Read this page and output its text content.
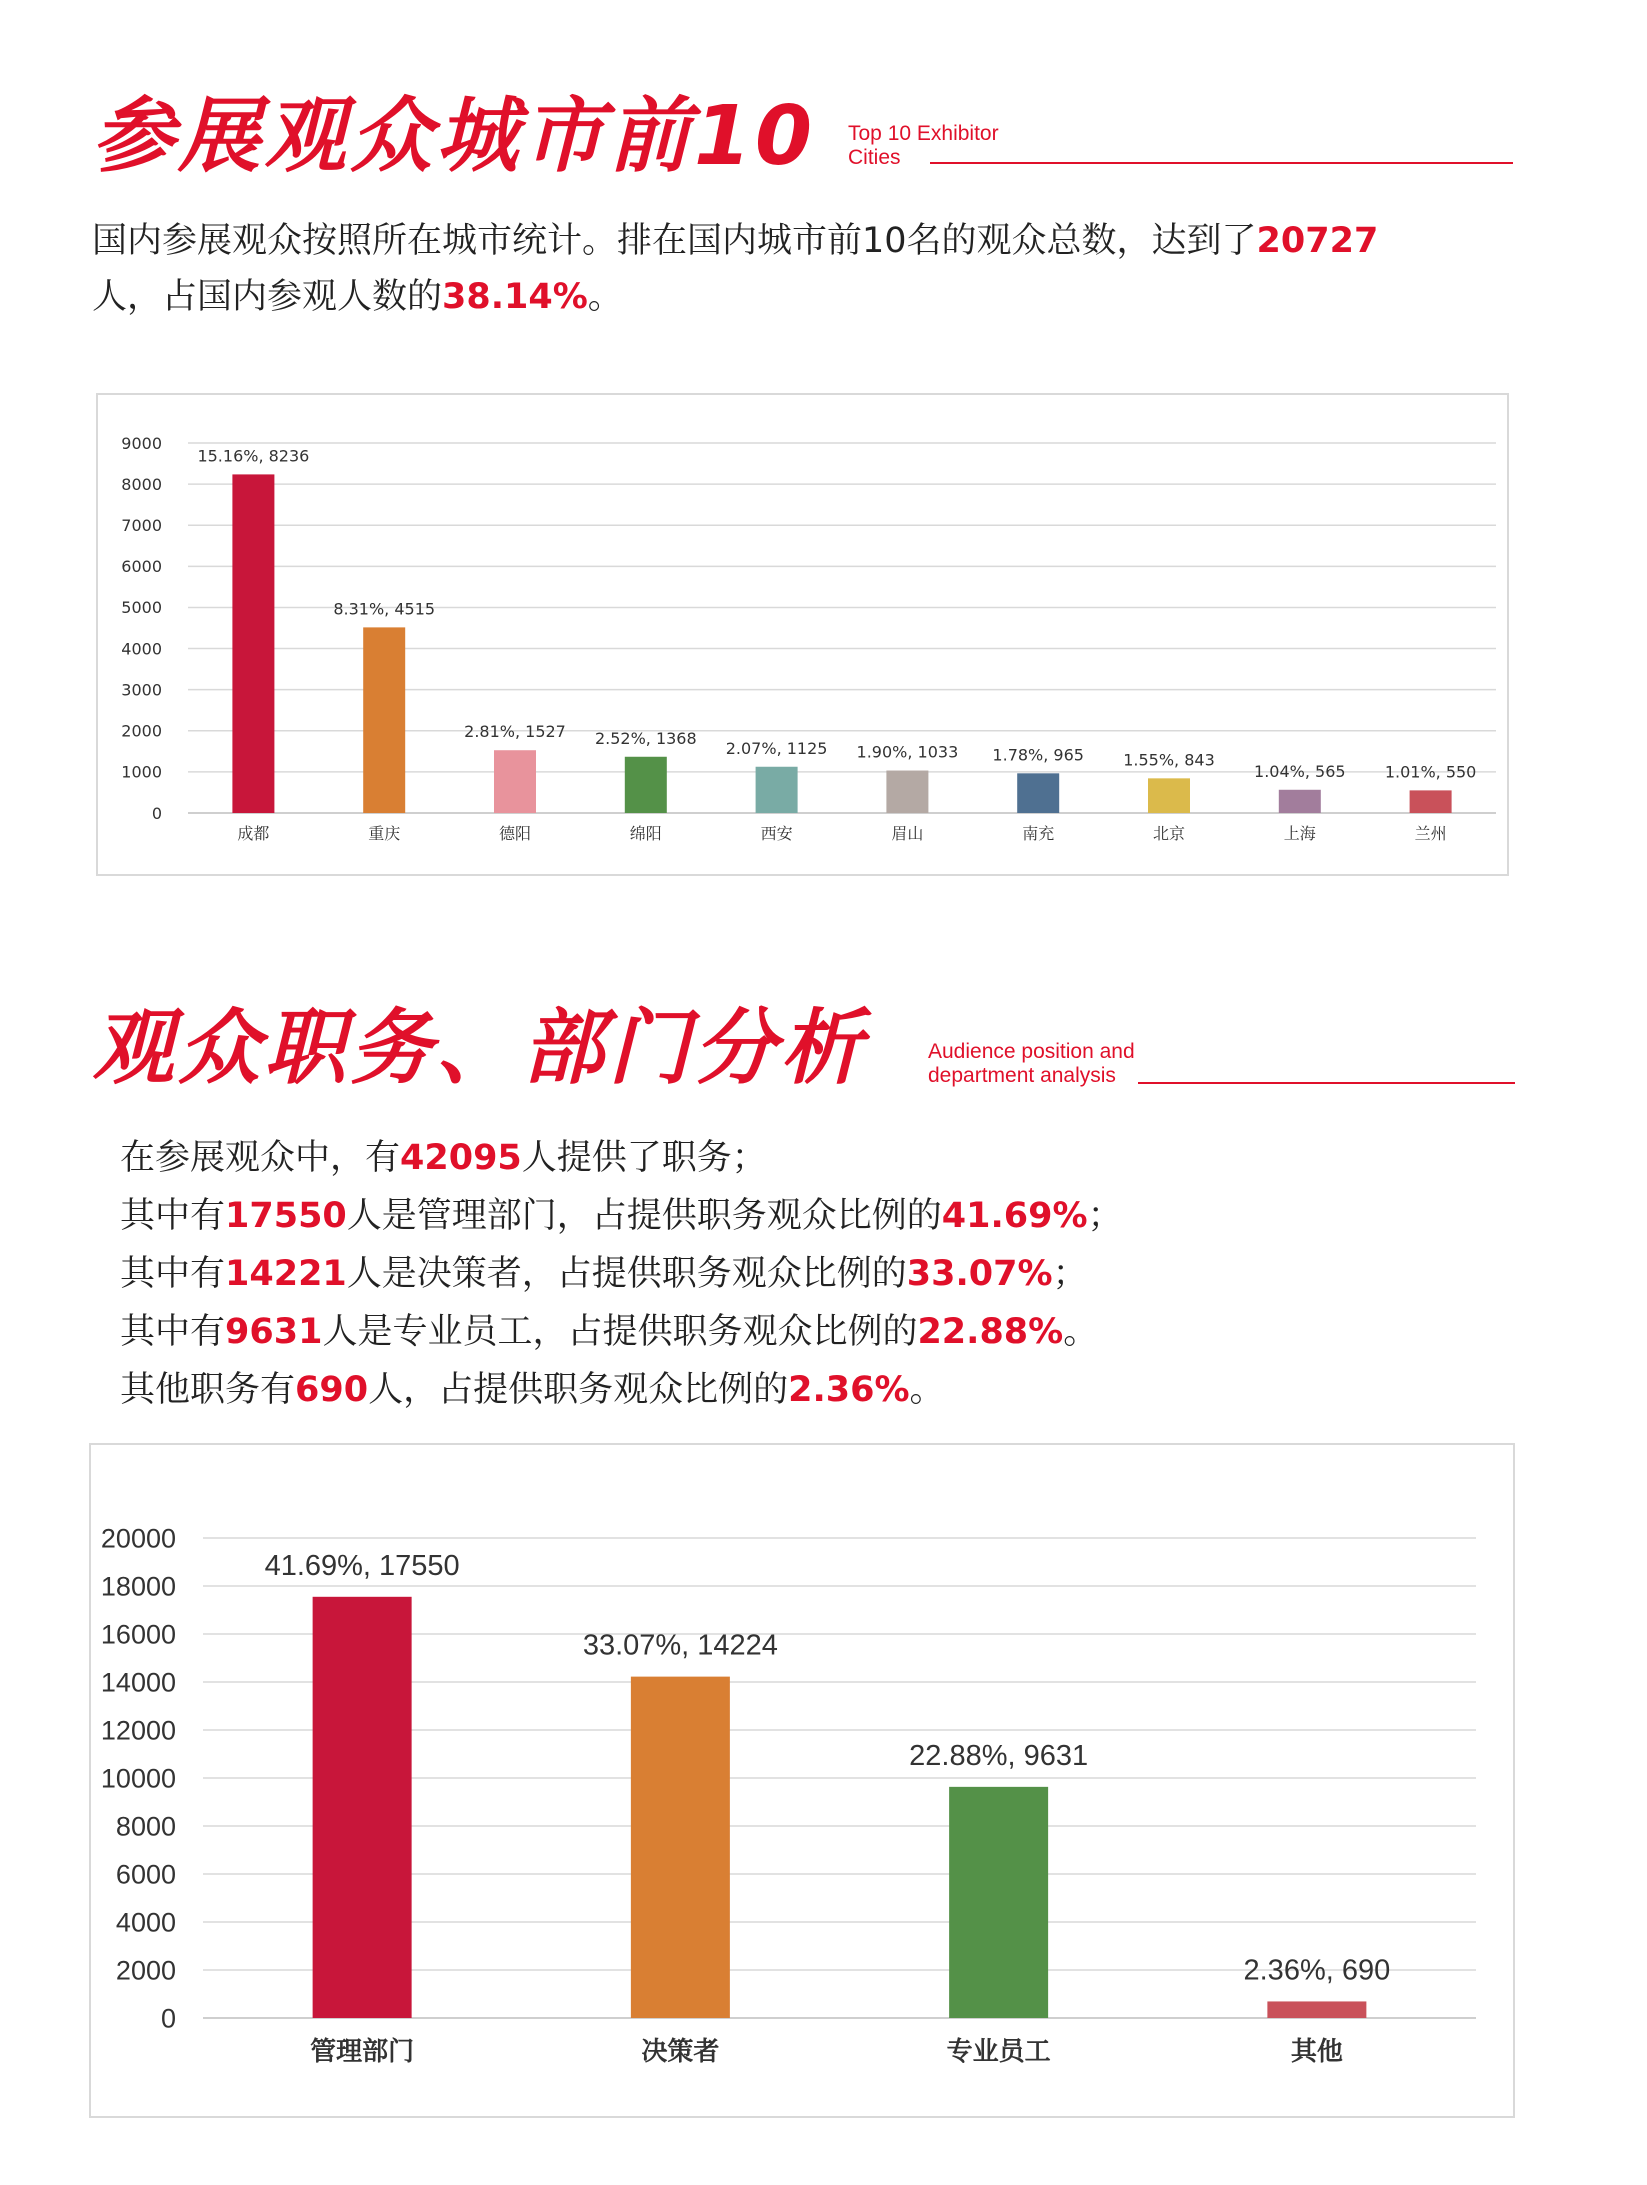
参展观众城市前10 Top 10 Exhibitor
Cities

国内参展观众按照所在城市统计。排在国内城市前10名的观众总数，达到了20727

人，占国内参观人数的38.14%。

0
1000
2000
3000
4000
5000
6000
7000
8000
9000
15.16%, 8236
成都
8.31%, 4515
重庆
2.81%, 1527
德阳
2.52%, 1368
绵阳
2.07%, 1125
西安
1.90%, 1033
眉山
1.78%, 965
南充
1.55%, 843
北京
1.04%, 565
上海
1.01%, 550
兰州
观众职务、部门分析	Audience position and
department analysis

在参展观众中，有42095人提供了职务；

其中有17550人是管理部门，占提供职务观众比例的41.69%；

其中有14221人是决策者，占提供职务观众比例的33.07%；

其中有9631人是专业员工，占提供职务观众比例的22.88%。

其他职务有690人，占提供职务观众比例的2.36%。

0
2000
4000
6000
8000
10000
12000
14000
16000
18000
20000
41.69%, 17550
管理部门
33.07%, 14224
决策者
22.88%, 9631
专业员工
2.36%, 690
其他
